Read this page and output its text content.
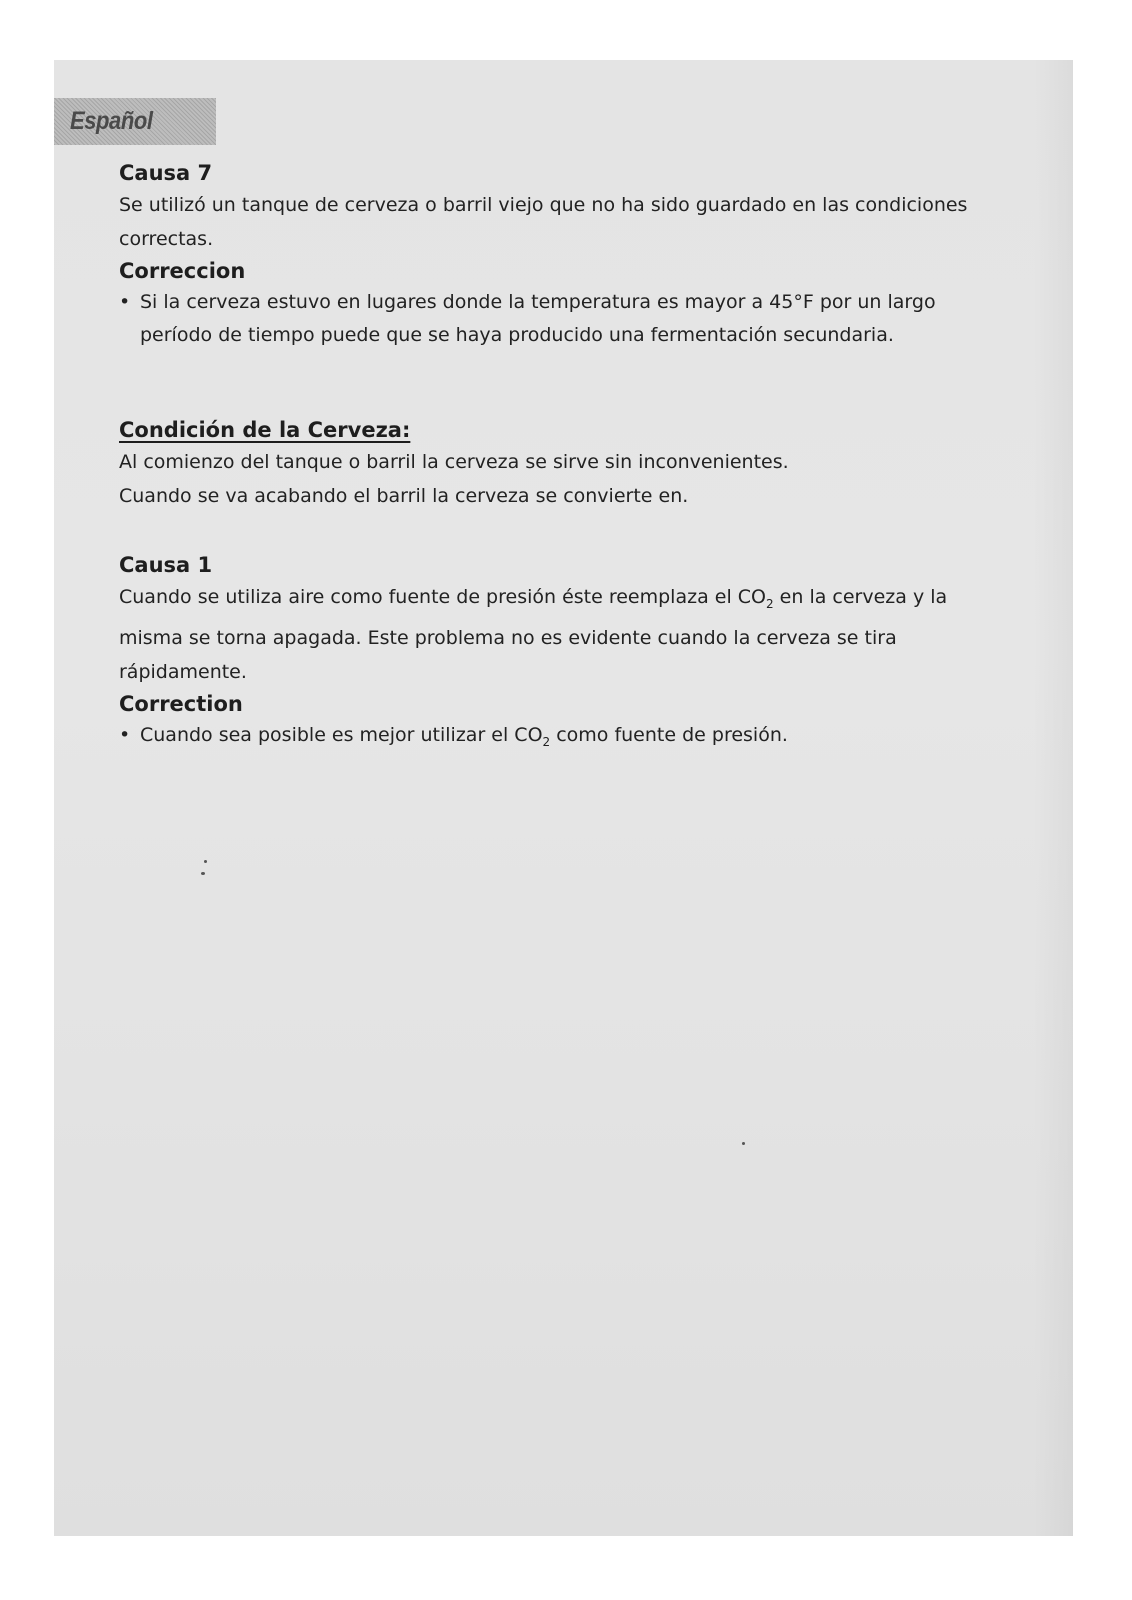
Español
Causa 7

Se utilizó un tanque de cerveza o barril viejo que no ha sido guardado en las condiciones correctas.

Correccion

• Si la cerveza estuvo en lugares donde la temperatura es mayor a 45°F por un largo período de tiempo puede que se haya producido una fermentación secundaria.

Condición de la Cerveza:

Al comienzo del tanque o barril la cerveza se sirve sin inconvenientes.

Cuando se va acabando el barril la cerveza se convierte en.

Causa 1

Cuando se utiliza aire como fuente de presión éste reemplaza el $CO_2$ en la cerveza y la misma se torna apagada. Este problema no es evidente cuando la cerveza se tira rápidamente.

Correction

• Cuando sea posible es mejor utilizar el $CO_2$ como fuente de presión.
